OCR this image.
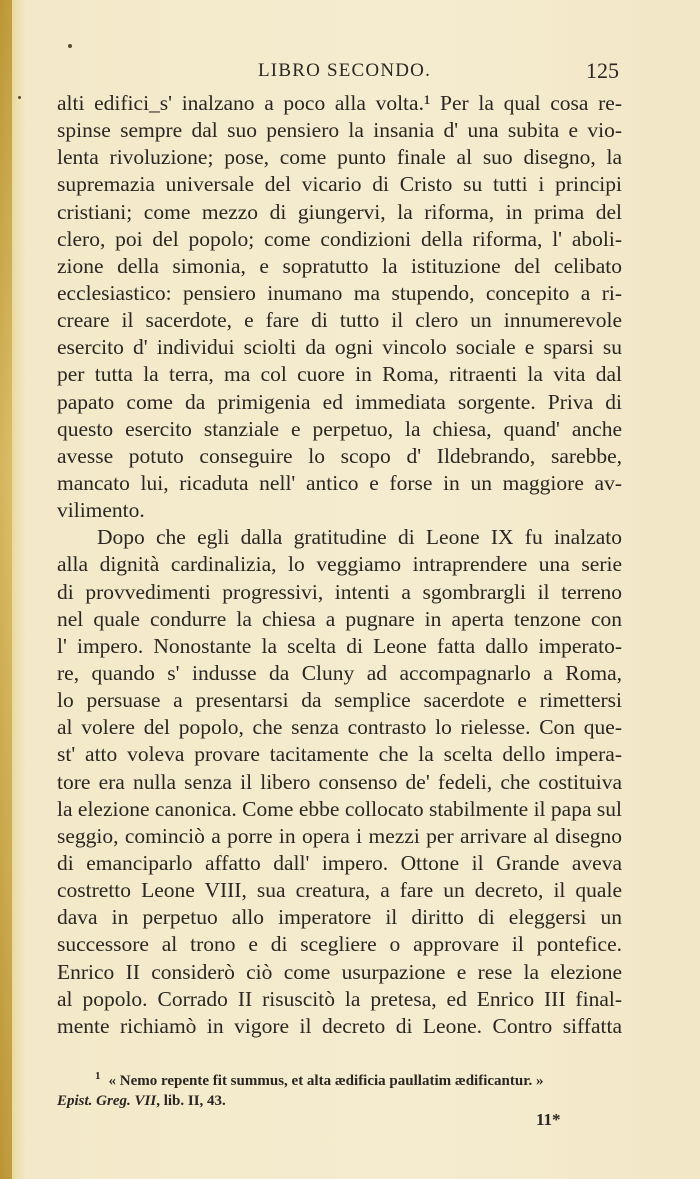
LIBRO SECONDO.	125
alti edifici_s' inalzano a poco alla volta.¹ Per la qual cosa re-
spinse sempre dal suo pensiero la insania d' una subita e vio-
lenta rivoluzione; pose, come punto finale al suo disegno, la
supremazia universale del vicario di Cristo su tutti i principi
cristiani; come mezzo di giungervi, la riforma, in prima del
clero, poi del popolo; come condizioni della riforma, l' aboli-
zione della simonia, e sopratutto la istituzione del celibato
ecclesiastico: pensiero inumano ma stupendo, concepito a ri-
creare il sacerdote, e fare di tutto il clero un innumerevole
esercito d' individui sciolti da ogni vincolo sociale e sparsi su
per tutta la terra, ma col cuore in Roma, ritraenti la vita dal
papato come da primigenia ed immediata sorgente. Priva di
questo esercito stanziale e perpetuo, la chiesa, quand' anche
avesse potuto conseguire lo scopo d' Ildebrando, sarebbe,
mancato lui, ricaduta nell' antico e forse in un maggiore av-
vilimento.
Dopo che egli dalla gratitudine di Leone IX fu inalzato
alla dignità cardinalizia, lo veggiamo intraprendere una serie
di provvedimenti progressivi, intenti a sgombrargli il terreno
nel quale condurre la chiesa a pugnare in aperta tenzone con
l' impero. Nonostante la scelta di Leone fatta dallo imperato-
re, quando s' indusse da Cluny ad accompagnarlo a Roma,
lo persuase a presentarsi da semplice sacerdote e rimettersi
al volere del popolo, che senza contrasto lo rielesse. Con que-
st' atto voleva provare tacitamente che la scelta dello impera-
tore era nulla senza il libero consenso de' fedeli, che costituiva
la elezione canonica. Come ebbe collocato stabilmente il papa sul
seggio, cominciò a porre in opera i mezzi per arrivare al disegno
di emanciparlo affatto dall' impero. Ottone il Grande aveva
costretto Leone VIII, sua creatura, a fare un decreto, il quale
dava in perpetuo allo imperatore il diritto di eleggersi un
successore al trono e di scegliere o approvare il pontefice.
Enrico II considerò ciò come usurpazione e rese la elezione
al popolo. Corrado II risuscitò la pretesa, ed Enrico III final-
mente richiamò in vigore il decreto di Leone. Contro siffatta
$^1$ « Nemo repente fit summus, et alta ædificia paullatim ædificantur. »
Epist. Greg. VII, lib. II, 43.
11*
